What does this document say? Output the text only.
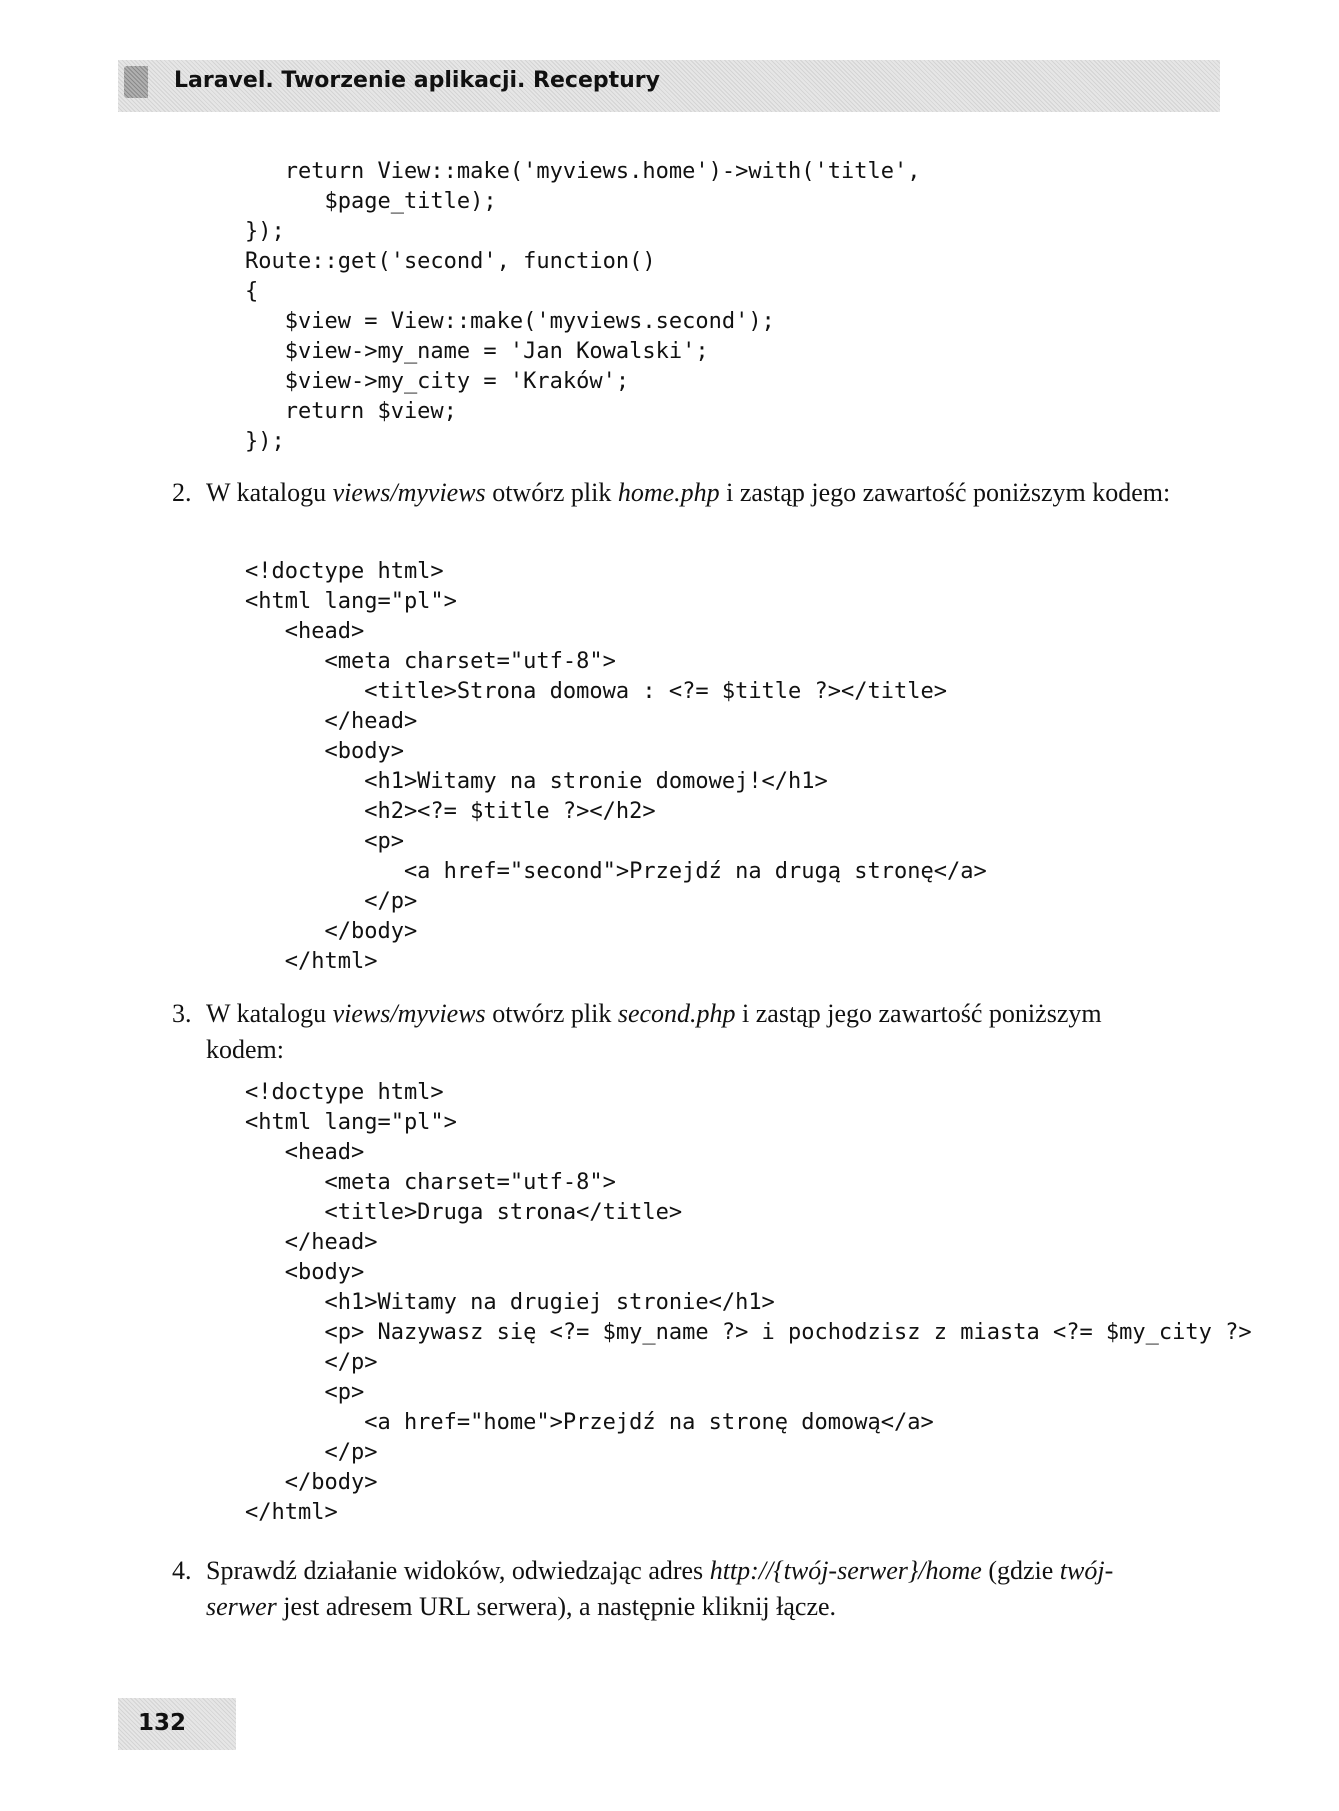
Laravel. Tworzenie aplikacji. Receptury
return View::make('myviews.home')->with('title',
$page_title);
});
Route::get('second', function()
{
$view = View::make('myviews.second');
$view->my_name = 'Jan Kowalski';
$view->my_city = 'Kraków';
return $view;
});
2. W katalogu views/myviews otwórz plik home.php i zastąp jego zawartość poniższym kodem:
<!doctype html>
<html lang="pl">
<head>
<meta charset="utf-8">
<title>Strona domowa : <?= $title ?></title>
</head>
<body>
<h1>Witamy na stronie domowej!</h1>
<h2><?= $title ?></h2>
<p>
<a href="second">Przejdź na drugą stronę</a>
</p>
</body>
</html>
3. W katalogu views/myviews otwórz plik second.php i zastąp jego zawartość poniższym kodem:
<!doctype html>
<html lang="pl">
<head>
<meta charset="utf-8">
<title>Druga strona</title>
</head>
<body>
<h1>Witamy na drugiej stronie</h1>
<p> Nazywasz się <?= $my_name ?> i pochodzisz z miasta <?= $my_city ?>
</p>
<p>
<a href="home">Przejdź na stronę domową</a>
</p>
</body>
</html>
4. Sprawdź działanie widoków, odwiedzając adres http://{twój-serwer}/home (gdzie twój-serwer jest adresem URL serwera), a następnie kliknij łącze.
132
